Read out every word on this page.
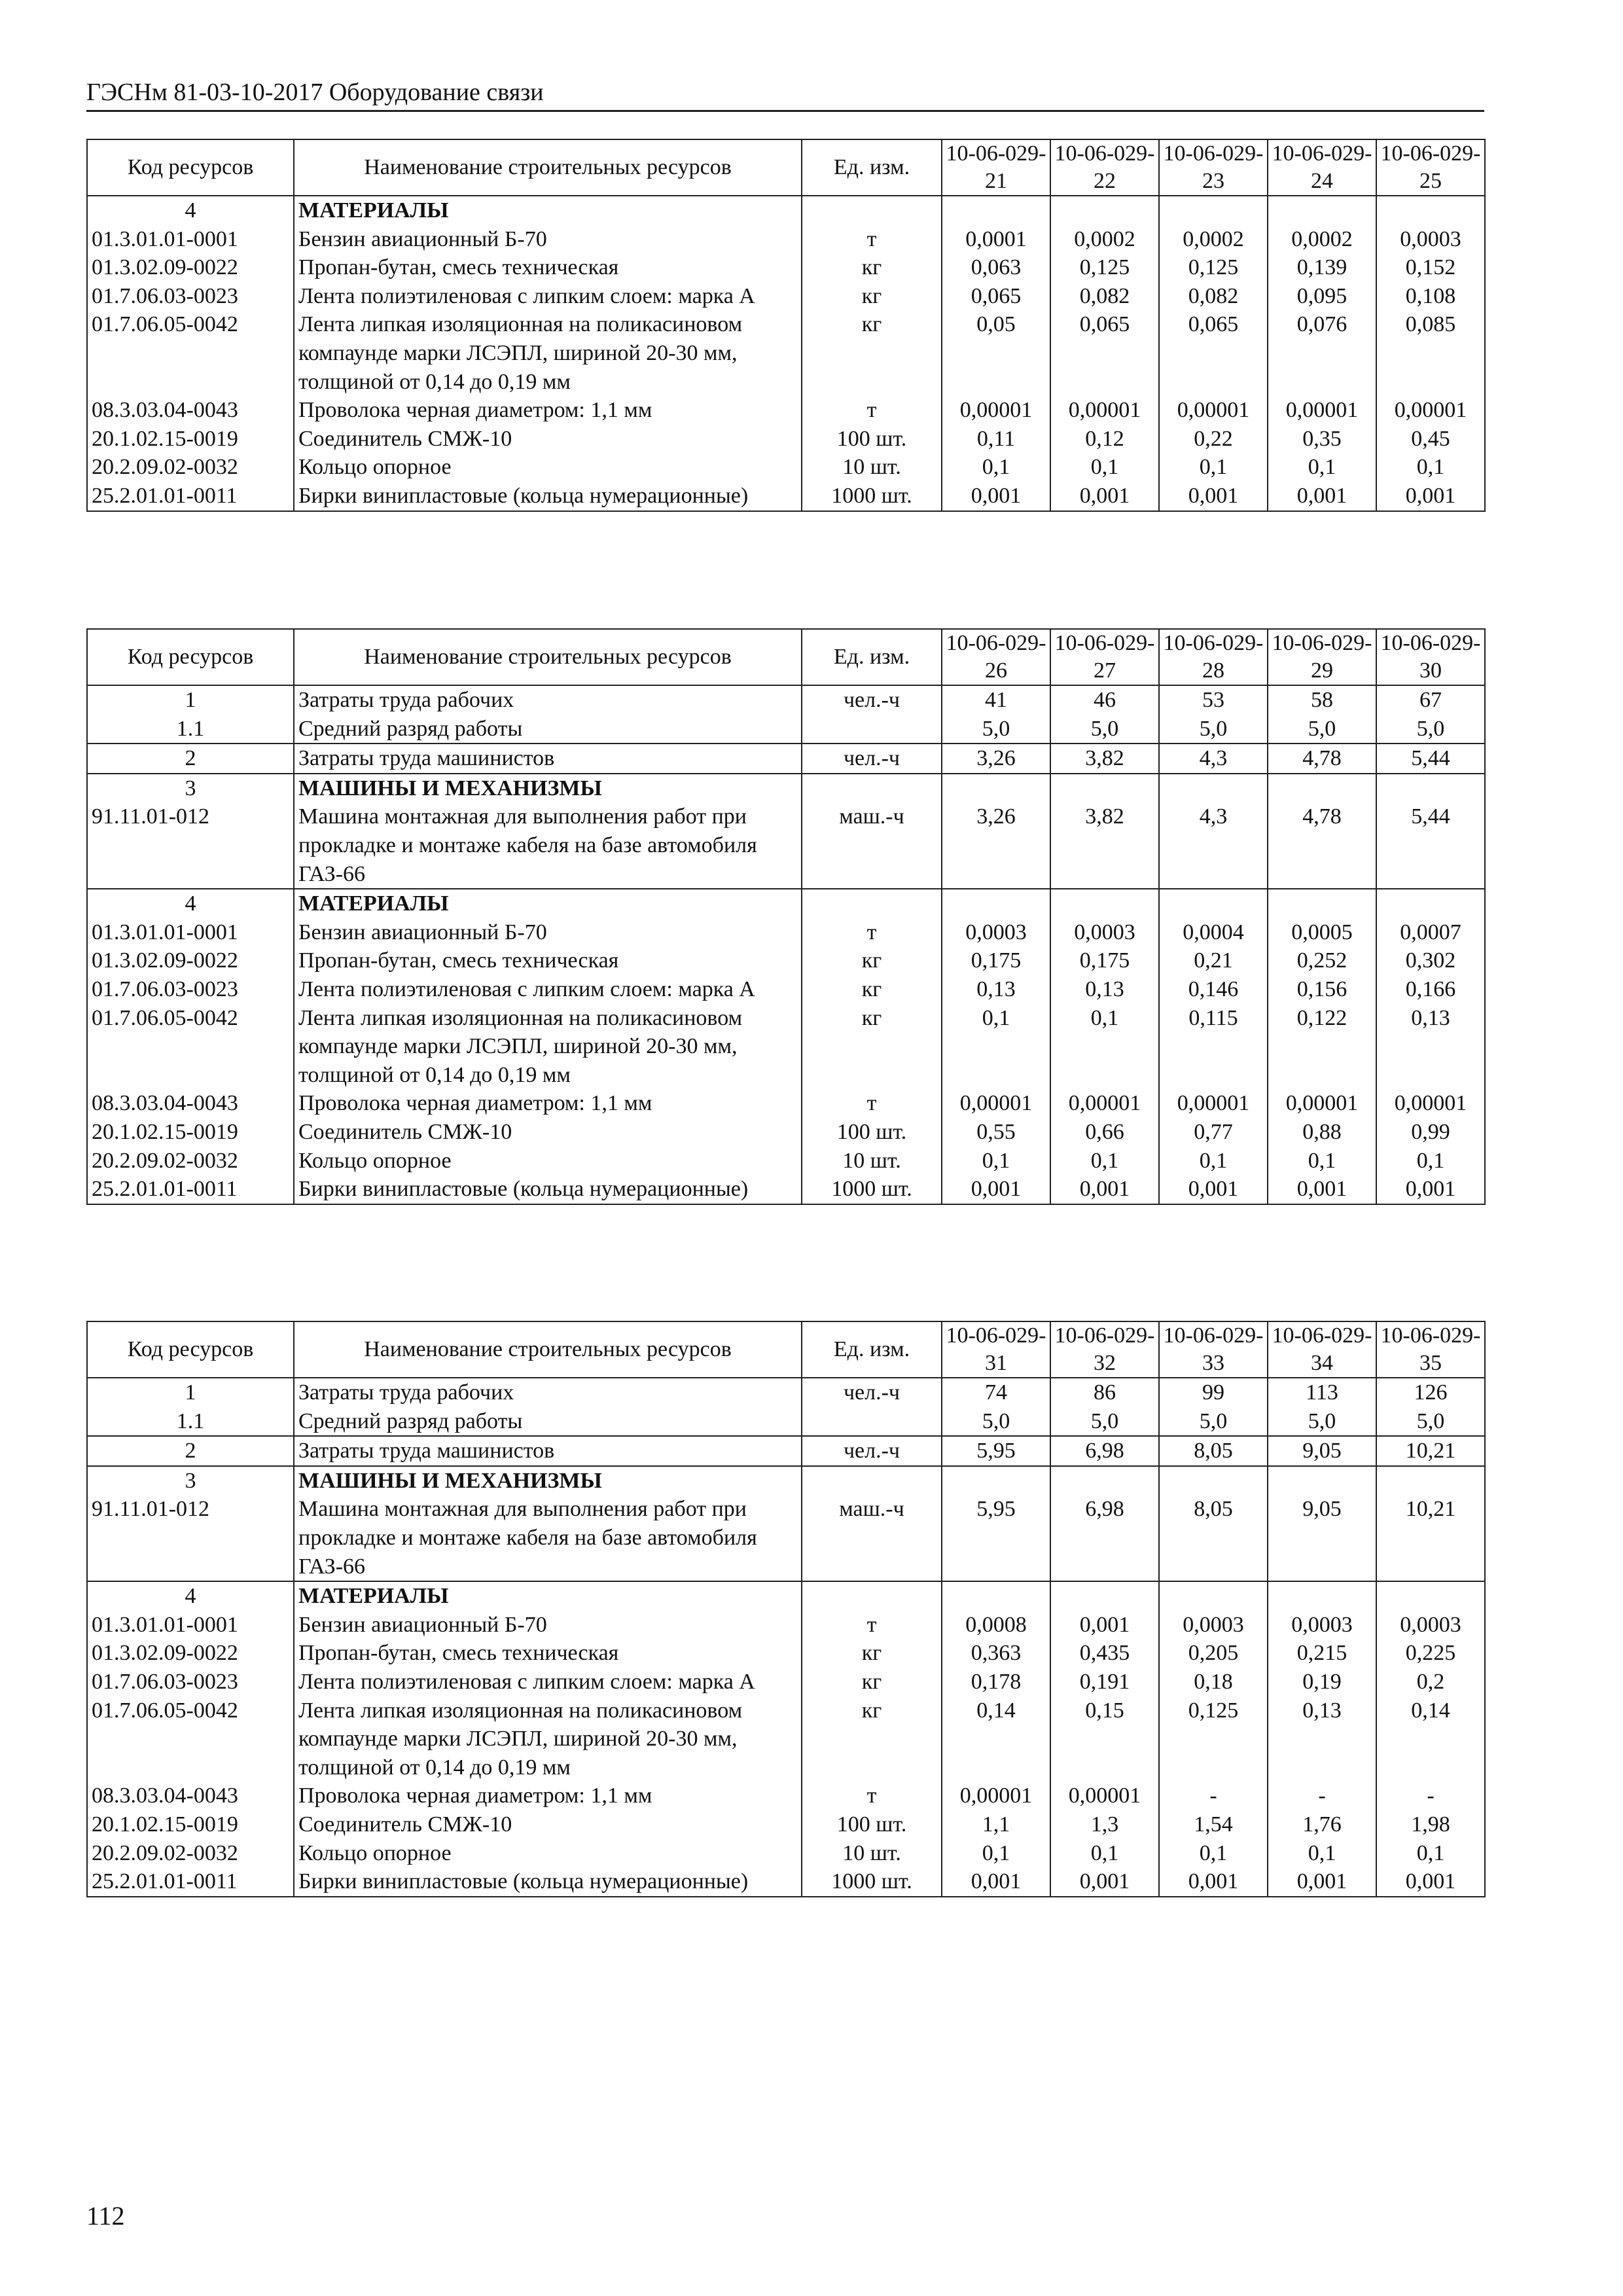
ГЭСНм 81-03-10-2017 Оборудование связи
Код ресурсов	Наименование строительных ресурсов	Ед. изм.	10-06-029-21	10-06-029-22	10-06-029-23	10-06-029-24	10-06-029-25
4	МАТЕРИАЛЫ						
01.3.01.01-0001	Бензин авиационный Б-70	т	0,0001	0,0002	0,0002	0,0002	0,0003
01.3.02.09-0022	Пропан-бутан, смесь техническая	кг	0,063	0,125	0,125	0,139	0,152
01.7.06.03-0023	Лента полиэтиленовая с липким слоем: марка А	кг	0,065	0,082	0,082	0,095	0,108
01.7.06.05-0042	Лента липкая изоляционная на поликасиновом компаунде марки ЛСЭПЛ, шириной 20-30 мм, толщиной от 0,14 до 0,19 мм	кг	0,05	0,065	0,065	0,076	0,085
08.3.03.04-0043	Проволока черная диаметром: 1,1 мм	т	0,00001	0,00001	0,00001	0,00001	0,00001
20.1.02.15-0019	Соединитель СМЖ-10	100 шт.	0,11	0,12	0,22	0,35	0,45
20.2.09.02-0032	Кольцо опорное	10 шт.	0,1	0,1	0,1	0,1	0,1
25.2.01.01-0011	Бирки винипластовые (кольца нумерационные)	1000 шт.	0,001	0,001	0,001	0,001	0,001
Код ресурсов	Наименование строительных ресурсов	Ед. изм.	10-06-029-26	10-06-029-27	10-06-029-28	10-06-029-29	10-06-029-30
1	Затраты труда рабочих	чел.-ч	41	46	53	58	67
1.1	Средний разряд работы		5,0	5,0	5,0	5,0	5,0
2	Затраты труда машинистов	чел.-ч	3,26	3,82	4,3	4,78	5,44
3	МАШИНЫ И МЕХАНИЗМЫ						
91.11.01-012	Машина монтажная для выполнения работ при прокладке и монтаже кабеля на базе автомобиля ГАЗ-66	маш.-ч	3,26	3,82	4,3	4,78	5,44
4	МАТЕРИАЛЫ						
01.3.01.01-0001	Бензин авиационный Б-70	т	0,0003	0,0003	0,0004	0,0005	0,0007
01.3.02.09-0022	Пропан-бутан, смесь техническая	кг	0,175	0,175	0,21	0,252	0,302
01.7.06.03-0023	Лента полиэтиленовая с липким слоем: марка А	кг	0,13	0,13	0,146	0,156	0,166
01.7.06.05-0042	Лента липкая изоляционная на поликасиновом компаунде марки ЛСЭПЛ, шириной 20-30 мм, толщиной от 0,14 до 0,19 мм	кг	0,1	0,1	0,115	0,122	0,13
08.3.03.04-0043	Проволока черная диаметром: 1,1 мм	т	0,00001	0,00001	0,00001	0,00001	0,00001
20.1.02.15-0019	Соединитель СМЖ-10	100 шт.	0,55	0,66	0,77	0,88	0,99
20.2.09.02-0032	Кольцо опорное	10 шт.	0,1	0,1	0,1	0,1	0,1
25.2.01.01-0011	Бирки винипластовые (кольца нумерационные)	1000 шт.	0,001	0,001	0,001	0,001	0,001
Код ресурсов	Наименование строительных ресурсов	Ед. изм.	10-06-029-31	10-06-029-32	10-06-029-33	10-06-029-34	10-06-029-35
1	Затраты труда рабочих	чел.-ч	74	86	99	113	126
1.1	Средний разряд работы		5,0	5,0	5,0	5,0	5,0
2	Затраты труда машинистов	чел.-ч	5,95	6,98	8,05	9,05	10,21
3	МАШИНЫ И МЕХАНИЗМЫ						
91.11.01-012	Машина монтажная для выполнения работ при прокладке и монтаже кабеля на базе автомобиля ГАЗ-66	маш.-ч	5,95	6,98	8,05	9,05	10,21
4	МАТЕРИАЛЫ						
01.3.01.01-0001	Бензин авиационный Б-70	т	0,0008	0,001	0,0003	0,0003	0,0003
01.3.02.09-0022	Пропан-бутан, смесь техническая	кг	0,363	0,435	0,205	0,215	0,225
01.7.06.03-0023	Лента полиэтиленовая с липким слоем: марка А	кг	0,178	0,191	0,18	0,19	0,2
01.7.06.05-0042	Лента липкая изоляционная на поликасиновом компаунде марки ЛСЭПЛ, шириной 20-30 мм, толщиной от 0,14 до 0,19 мм	кг	0,14	0,15	0,125	0,13	0,14
08.3.03.04-0043	Проволока черная диаметром: 1,1 мм	т	0,00001	0,00001	-	-	-
20.1.02.15-0019	Соединитель СМЖ-10	100 шт.	1,1	1,3	1,54	1,76	1,98
20.2.09.02-0032	Кольцо опорное	10 шт.	0,1	0,1	0,1	0,1	0,1
25.2.01.01-0011	Бирки винипластовые (кольца нумерационные)	1000 шт.	0,001	0,001	0,001	0,001	0,001
112
